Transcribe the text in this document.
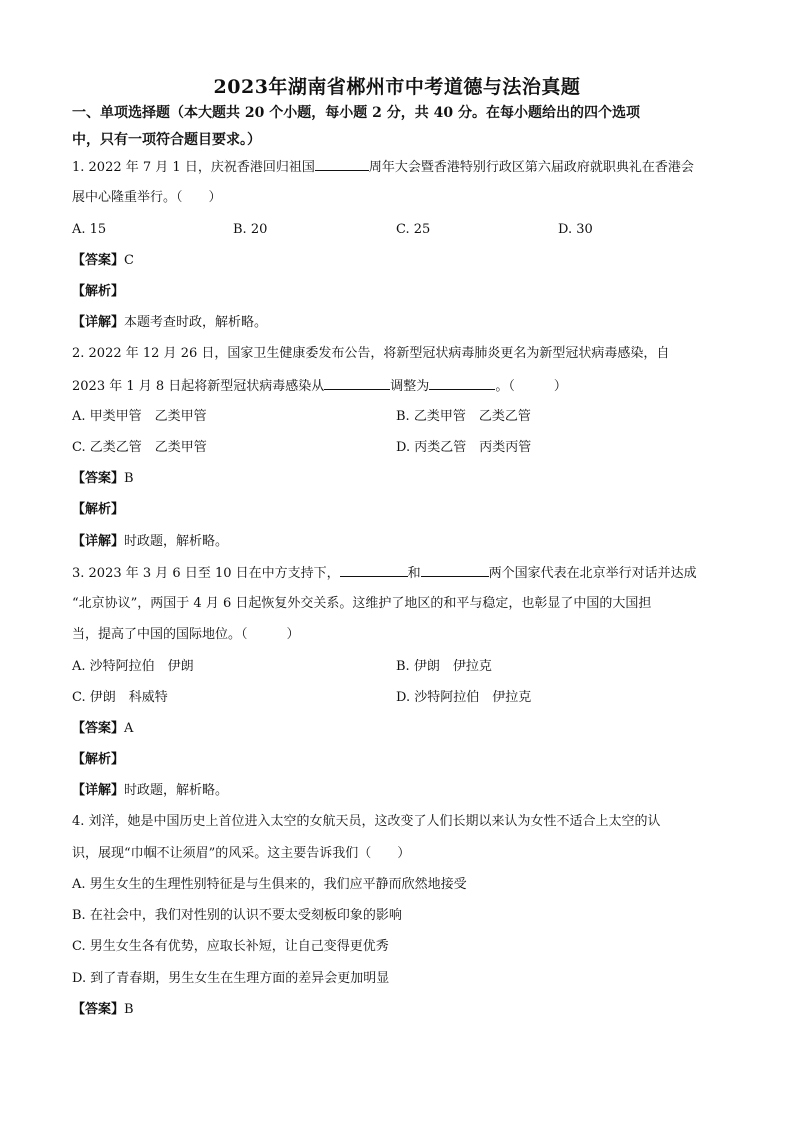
2023年湖南省郴州市中考道德与法治真题
一、单项选择题（本大题共 20 个小题，每小题 2 分，共 40 分。在每小题给出的四个选项
中，只有一项符合题目要求。）
1. 2022 年 7 月 1 日，庆祝香港回归祖国	周年大会暨香港特别行政区第六届政府就职典礼在香港会
展中心隆重举行。（　　）
A. 15	B. 20	C. 25	D. 30
【答案】C
【解析】
【详解】本题考查时政，解析略。
2. 2022 年 12 月 26 日，国家卫生健康委发布公告，将新型冠状病毒肺炎更名为新型冠状病毒感染，自
2023 年 1 月 8 日起将新型冠状病毒感染从	调整为	。（　　　）
A. 甲类甲管　乙类甲管	B. 乙类甲管　乙类乙管
C. 乙类乙管　乙类甲管	D. 丙类乙管　丙类丙管
【答案】B
【解析】
【详解】时政题，解析略。
3. 2023 年 3 月 6 日至 10 日在中方支持下，	和	两个国家代表在北京举行对话并达成
“北京协议”，两国于 4 月 6 日起恢复外交关系。这维护了地区的和平与稳定，也彰显了中国的大国担
当，提高了中国的国际地位。（　　　）
A. 沙特阿拉伯　伊朗	B. 伊朗　伊拉克
C. 伊朗　科威特	D. 沙特阿拉伯　伊拉克
【答案】A
【解析】
【详解】时政题，解析略。
4. 刘洋，她是中国历史上首位进入太空的女航天员，这改变了人们长期以来认为女性不适合上太空的认
识，展现“巾帼不让须眉”的风采。这主要告诉我们（　　）
A. 男生女生的生理性别特征是与生俱来的，我们应平静而欣然地接受
B. 在社会中，我们对性别的认识不要太受刻板印象的影响
C. 男生女生各有优势，应取长补短，让自己变得更优秀
D. 到了青春期，男生女生在生理方面的差异会更加明显
【答案】B
